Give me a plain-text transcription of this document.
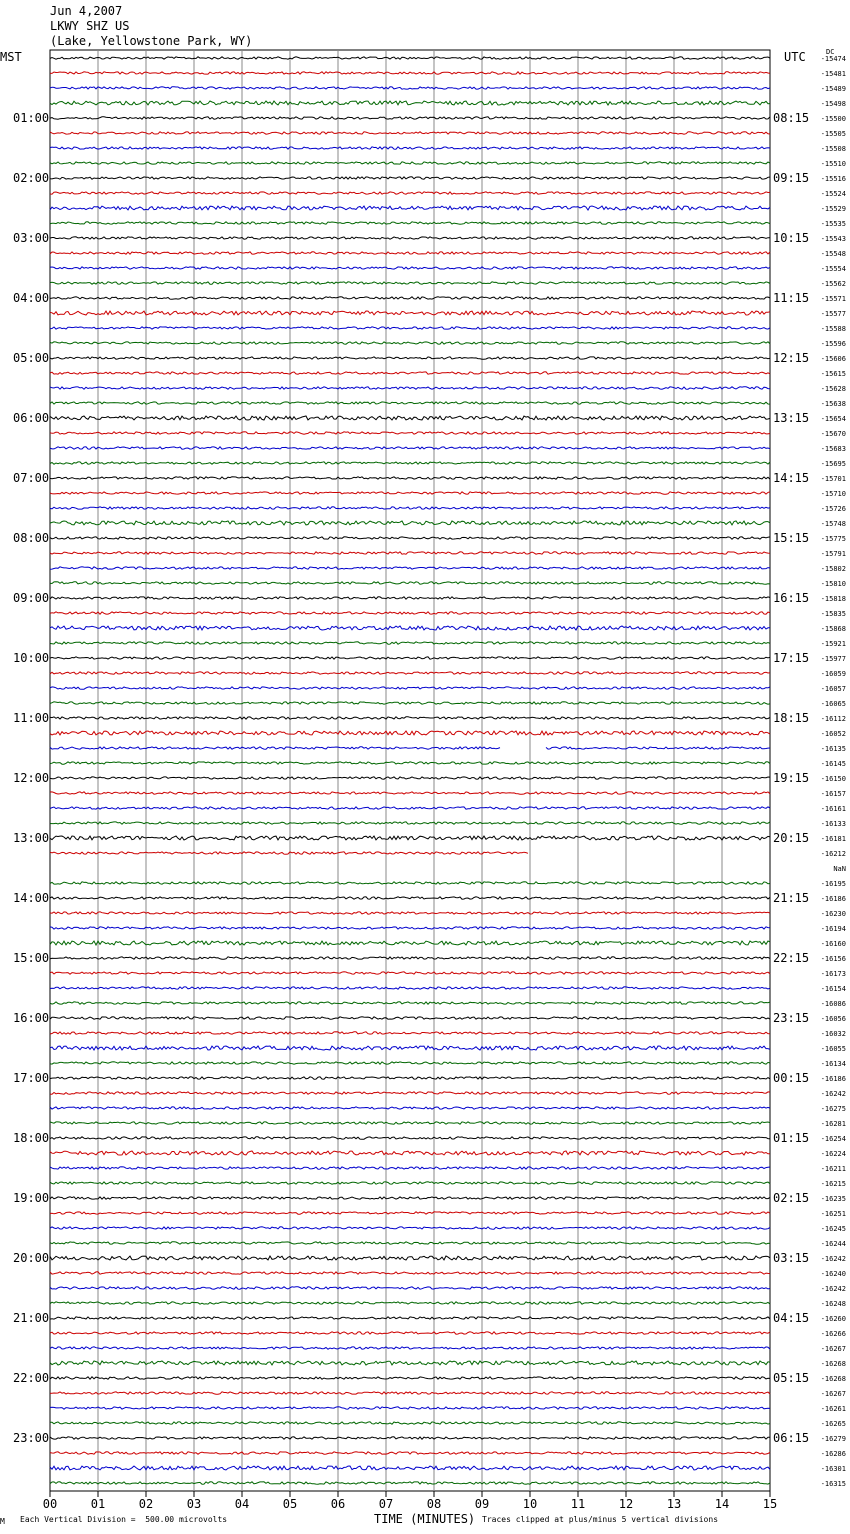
Jun 4,2007
LKWY SHZ US
(Lake, Yellowstone Park, WY)
MST	UTC	DC
00	01	02	03	04	05	06	07	08	09	10	11	12	13	14	15
-15474
-15481
-15489
-15498
-15500
-15505
-15508
-15510
-15516
-15524
-15529
-15535
-15543
-15548
-15554
-15562
-15571
-15577
-15588
-15596
-15606
-15615
-15628
-15638
-15654
-15670
-15683
-15695
-15701
-15710
-15726
-15748
-15775
-15791
-15802
-15810
-15818
-15835
-15868
-15921
-15977
-16059
-16057
-16065
-16112
-16052
-16135
-16145
-16150
-16157
-16161
-16133
-16181
-16212
NaN
-16195
-16186
-16230
-16194
-16160
-16156
-16173
-16154
-16086
-16056
-16032
-16055
-16134
-16186
-16242
-16275
-16281
-16254
-16224
-16211
-16215
-16235
-16251
-16245
-16244
-16242
-16240
-16242
-16248
-16260
-16266
-16267
-16268
-16268
-16267
-16261
-16265
-16279
-16286
-16301
-16315
01:00
02:00
03:00
04:00
05:00
06:00
07:00
08:00
09:00
10:00
11:00
12:00
13:00
14:00
15:00
16:00
17:00
18:00
19:00
20:00
21:00
22:00
23:00
08:15
09:15
10:15
11:15
12:15
13:15
14:15
15:15
16:15
17:15
18:15
19:15
20:15
21:15
22:15
23:15
00:15
01:15
02:15
03:15
04:15
05:15
06:15
M Each Vertical Division =  500.00 microvolts	TIME (MINUTES) Traces clipped at plus/minus 5 vertical divisions
